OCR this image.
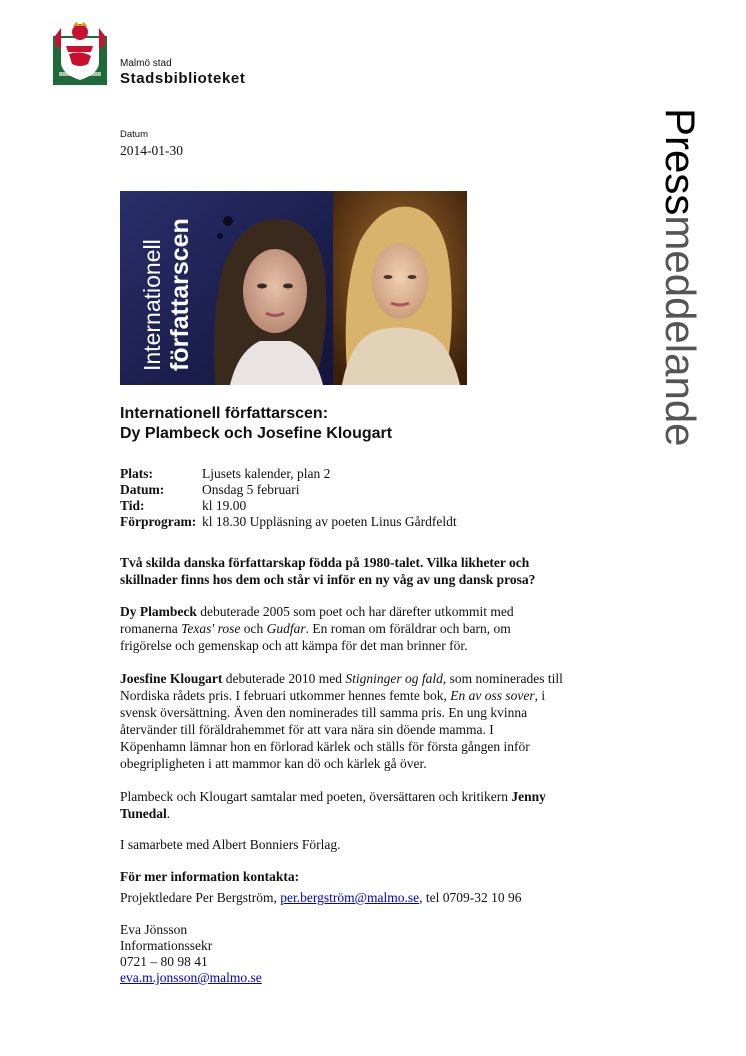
Malmö stad
Stadsbiblioteket
Datum
2014-01-30	Pressmeddelande
Internationell författarscen
Internationell författarscen:
Dy Plambeck och Josefine Klougart
Plats:	Ljusets kalender, plan 2
Datum:	Onsdag 5 februari
Tid:	kl 19.00
Förprogram: kl 18.30 Uppläsning av poeten Linus Gårdfeldt
Två skilda danska författarskap födda på 1980-talet. Vilka likheter och
skillnader finns hos dem och står vi inför en ny våg av ung dansk prosa?
Dy Plambeck debuterade 2005 som poet och har därefter utkommit med
romanerna Texas' rose och Gudfar. En roman om föräldrar och barn, om
frigörelse och gemenskap och att kämpa för det man brinner för.
Joesfine Klougart debuterade 2010 med Stigninger og fald, som nominerades till
Nordiska rådets pris. I februari utkommer hennes femte bok, En av oss sover, i
svensk översättning. Även den nominerades till samma pris. En ung kvinna
återvänder till föräldrahemmet för att vara nära sin döende mamma. I
Köpenhamn lämnar hon en förlorad kärlek och ställs för första gången inför
obegripligheten i att mammor kan dö och kärlek gå över.
Plambeck och Klougart samtalar med poeten, översättaren och kritikern Jenny
Tunedal.
I samarbete med Albert Bonniers Förlag.
För mer information kontakta:
Projektledare Per Bergström, per.bergström@malmo.se, tel 0709-32 10 96
Eva Jönsson
Informationssekr
0721 – 80 98 41
eva.m.jonsson@malmo.se
